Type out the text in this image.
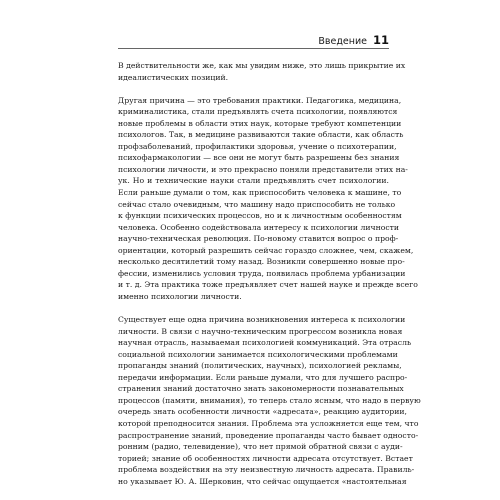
Введение 11
В действительности же, как мы увидим ниже, это лишь прикрытие их
идеалистических позиций.
Другая причина — это требования практики. Педагогика, медицина,
криминалистика, стали предъявлять счета психологии, появляются
новые проблемы в области этих наук, которые требуют компетенции
психологов. Так, в медицине развиваются такие области, как область
профзаболеваний, профилактики здоровья, учение о психотерапии,
психофармакологии — все они не могут быть разрешены без знания
психологии личности, и это прекрасно поняли представители этих на-
ук. Но и технические науки стали предъявлять счет психологии.
Если раньше думали о том, как приспособить человека к машине, то
сейчас стало очевидным, что машину надо приспособить не только
к функции психических процессов, но и к личностным особенностям
человека. Особенно содействовала интересу к психологии личности
научно-техническая революция. По-новому ставится вопрос о проф-
ориентации, который разрешить сейчас гораздо сложнее, чем, скажем,
несколько десятилетий тому назад. Возникли совершенно новые про-
фессии, изменились условия труда, появилась проблема урбанизации
и т. д. Эта практика тоже предъявляет счет нашей науке и прежде всего
именно психологии личности.
Существует еще одна причина возникновения интереса к психологии
личности. В связи с научно-техническим прогрессом возникла новая
научная отрасль, называемая психологией коммуникаций. Эта отрасль
социальной психологии занимается психологическими проблемами
пропаганды знаний (политических, научных), психологией рекламы,
передачи информации. Если раньше думали, что для лучшего распро-
странения знаний достаточно знать закономерности познавательных
процессов (памяти, внимания), то теперь стало ясным, что надо в первую
очередь знать особенности личности «адресата», реакцию аудитории,
которой преподносится знания. Проблема эта усложняется еще тем, что
распространение знаний, проведение пропаганды часто бывает односто-
ронним (радио, телевидение), что нет прямой обратной связи с ауди-
торией; знание об особенностях личности адресата отсутствует. Встает
проблема воздействия на эту неизвестную личность адресата. Правиль-
но указывает Ю. А. Шерковин, что сейчас ощущается «настоятельная
